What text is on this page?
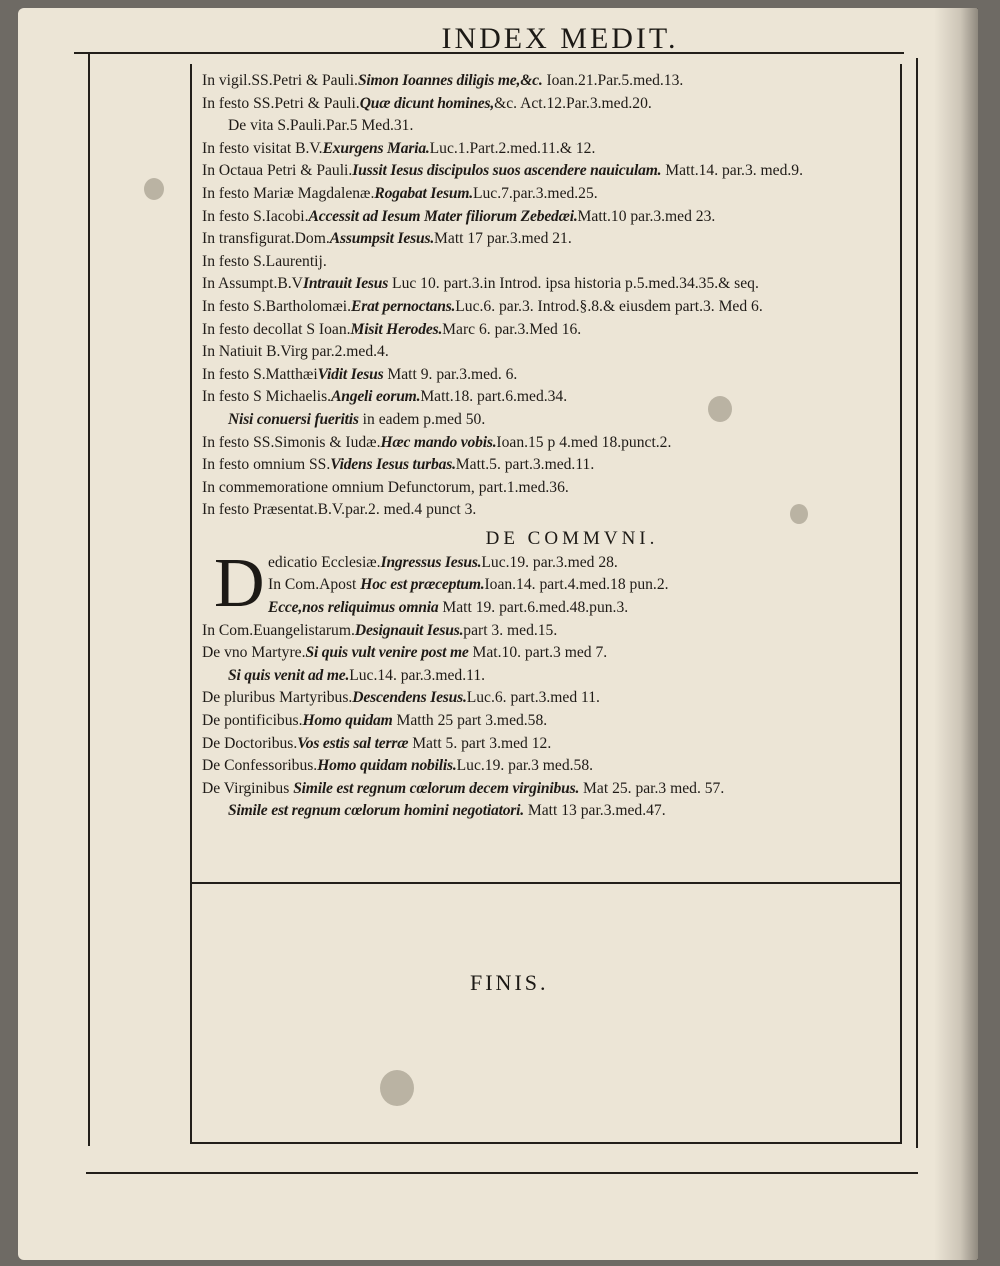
INDEX MEDIT.
In vigil.SS.Petri & Pauli.Simon Ioannes diligis me,&c. Ioan.21.Par.5.med.13.
In festo SS.Petri & Pauli.Quæ dicunt homines,&c. Act.12.Par.3.med.20.
De vita S.Pauli.Par.5 Med.31.
In festo visitat B.V.Exurgens Maria.Luc.1.Part.2.med.11.& 12.
In Octaua Petri & Pauli.Iussit Iesus discipulos suos ascendere nauiculam. Matt.14. par.3. med.9.
In festo Mariæ Magdalenæ.Rogabat Iesum.Luc.7.par.3.med.25.
In festo S.Iacobi.Accessit ad Iesum Mater filiorum Zebedæi.Matt.10 par.3.med 23.
In transfigurat.Dom.Assumpsit Iesus.Matt 17 par.3.med 21.
In festo S.Laurentij.
In Assumpt.B.VIntrauit Iesus Luc 10. part.3.in Introd. ipsa historia p.5.med.34.35.& seq.
In festo S.Bartholomæi.Erat pernoctans.Luc.6. par.3. Introd.§.8.& eiusdem part.3. Med 6.
In festo decollat S Ioan.Misit Herodes.Marc 6. par.3.Med 16.
In Natiuit B.Virg par.2.med.4.
In festo S.MatthæiVidit Iesus Matt 9. par.3.med. 6.
In festo S Michaelis.Angeli eorum.Matt.18. part.6.med.34.
Nisi conuersi fueritis in eadem p.med 50.
In festo SS.Simonis & Iudæ.Hæc mando vobis.Ioan.15 p 4.med 18.punct.2.
In festo omnium SS.Videns Iesus turbas.Matt.5. part.3.med.11.
In commemoratione omnium Defunctorum, part.1.med.36.
In festo Præsentat.B.V.par.2. med.4 punct 3.
DE COMMVNI.
D edicatio Ecclesiæ.Ingressus Iesus.Luc.19. par.3.med 28.
In Com.Apost Hoc est præceptum.Ioan.14. part.4.med.18 pun.2.
Ecce,nos reliquimus omnia Matt 19. part.6.med.48.pun.3.
In Com.Euangelistarum.Designauit Iesus.part 3. med.15.
De vno Martyre.Si quis vult venire post me Mat.10. part.3 med 7.
Si quis venit ad me.Luc.14. par.3.med.11.
De pluribus Martyribus.Descendens Iesus.Luc.6. part.3.med 11.
De pontificibus.Homo quidam Matth 25 part 3.med.58.
De Doctoribus.Vos estis sal terræ Matt 5. part 3.med 12.
De Confessoribus.Homo quidam nobilis.Luc.19. par.3 med.58.
De Virginibus Simile est regnum cœlorum decem virginibus. Mat 25. par.3 med. 57.
Simile est regnum cœlorum homini negotiatori. Matt 13 par.3.med.47.
FINIS.
